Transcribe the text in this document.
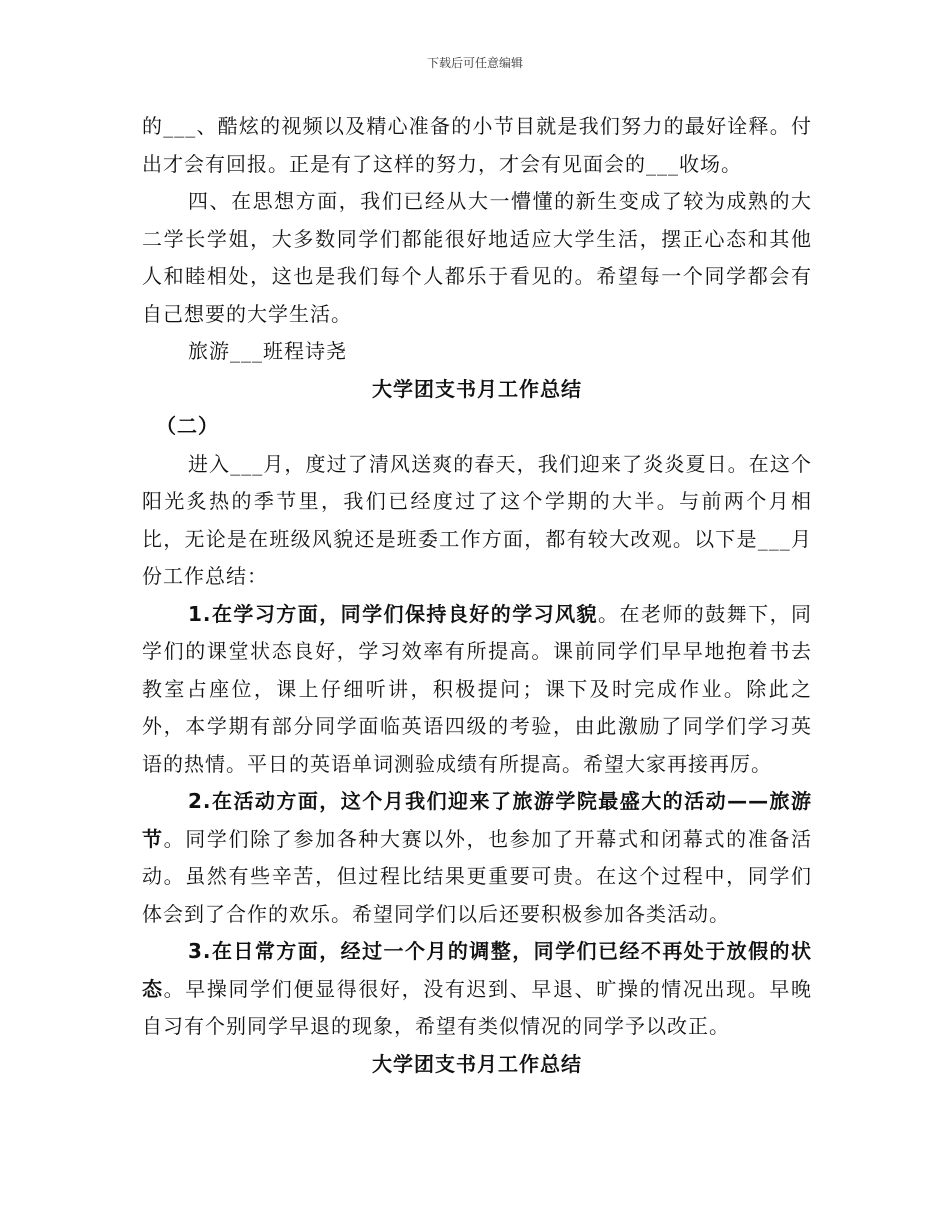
下载后可任意编辑

的___、酷炫的视频以及精心准备的小节目就是我们努力的最好诠释。付出才会有回报。正是有了这样的努力，才会有见面会的___收场。

四、在思想方面，我们已经从大一懵懂的新生变成了较为成熟的大二学长学姐，大多数同学们都能很好地适应大学生活，摆正心态和其他人和睦相处，这也是我们每个人都乐于看见的。希望每一个同学都会有自己想要的大学生活。

旅游___班程诗尧

大学团支书月工作总结

（二）

进入___月，度过了清风送爽的春天，我们迎来了炎炎夏日。在这个阳光炙热的季节里，我们已经度过了这个学期的大半。与前两个月相比，无论是在班级风貌还是班委工作方面，都有较大改观。以下是___月份工作总结：

1.在学习方面，同学们保持良好的学习风貌。在老师的鼓舞下，同学们的课堂状态良好，学习效率有所提高。课前同学们早早地抱着书去教室占座位，课上仔细听讲，积极提问；课下及时完成作业。除此之外，本学期有部分同学面临英语四级的考验，由此激励了同学们学习英语的热情。平日的英语单词测验成绩有所提高。希望大家再接再厉。

2.在活动方面，这个月我们迎来了旅游学院最盛大的活动——旅游节。同学们除了参加各种大赛以外，也参加了开幕式和闭幕式的准备活动。虽然有些辛苦，但过程比结果更重要可贵。在这个过程中，同学们体会到了合作的欢乐。希望同学们以后还要积极参加各类活动。

3.在日常方面，经过一个月的调整，同学们已经不再处于放假的状态。早操同学们便显得很好，没有迟到、早退、旷操的情况出现。早晚自习有个别同学早退的现象，希望有类似情况的同学予以改正。

大学团支书月工作总结
